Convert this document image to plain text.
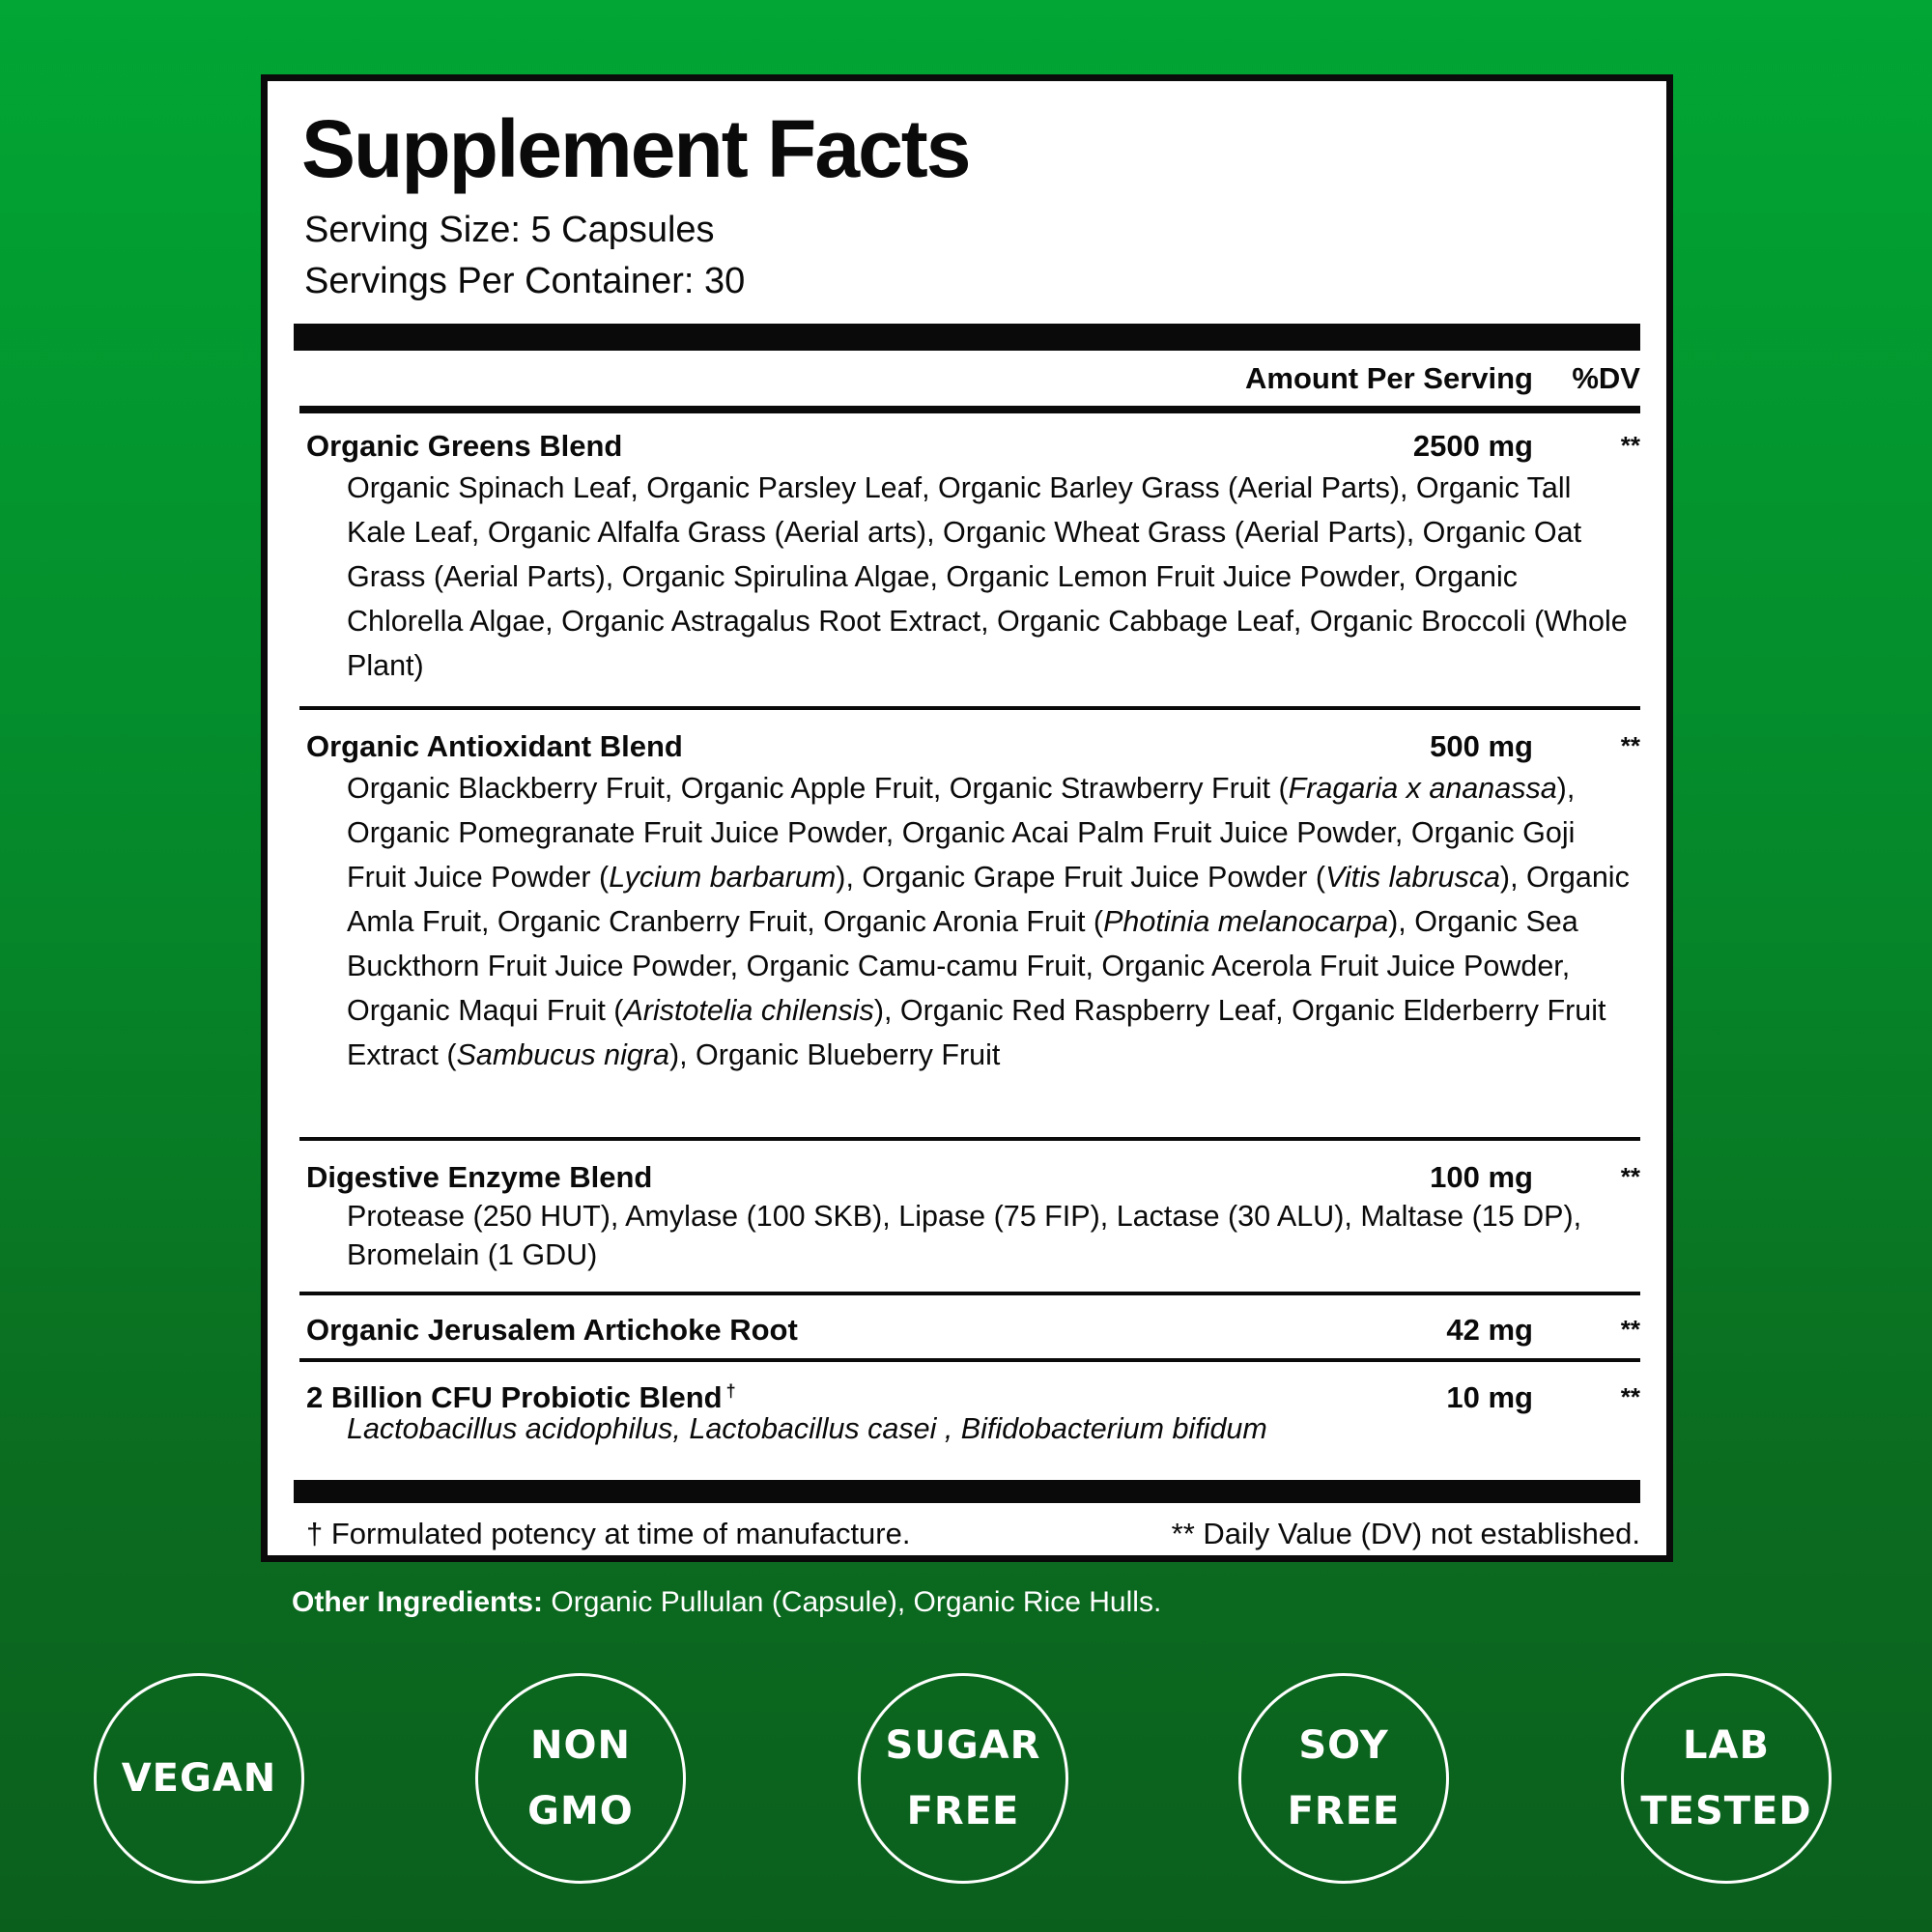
Supplement Facts
Serving Size: 5 Capsules
Servings Per Container: 30
Amount Per Serving %DV
Organic Greens Blend	2500 mg	**

Organic Spinach Leaf, Organic Parsley Leaf, Organic Barley Grass (Aerial Parts), Organic Tall Kale Leaf, Organic Alfalfa Grass (Aerial arts), Organic Wheat Grass (Aerial Parts), Organic Oat Grass (Aerial Parts), Organic Spirulina Algae, Organic Lemon Fruit Juice Powder, Organic Chlorella Algae, Organic Astragalus Root Extract, Organic Cabbage Leaf, Organic Broccoli (Whole Plant)

Organic Antioxidant Blend	500 mg	**

Organic Blackberry Fruit, Organic Apple Fruit, Organic Strawberry Fruit (Fragaria x ananassa), Organic Pomegranate Fruit Juice Powder, Organic Acai Palm Fruit Juice Powder, Organic Goji Fruit Juice Powder (Lycium barbarum), Organic Grape Fruit Juice Powder (Vitis labrusca), Organic Amla Fruit, Organic Cranberry Fruit, Organic Aronia Fruit (Photinia melanocarpa), Organic Sea Buckthorn Fruit Juice Powder, Organic Camu-camu Fruit, Organic Acerola Fruit Juice Powder, Organic Maqui Fruit (Aristotelia chilensis), Organic Red Raspberry Leaf, Organic Elderberry Fruit Extract (Sambucus nigra), Organic Blueberry Fruit

Digestive Enzyme Blend	100 mg	**

Protease (250 HUT), Amylase (100 SKB), Lipase (75 FIP), Lactase (30 ALU), Maltase (15 DP), Bromelain (1 GDU)

Organic Jerusalem Artichoke Root	42 mg	**
2 Billion CFU Probiotic Blend †	10 mg	**

Lactobacillus acidophilus, Lactobacillus casei , Bifidobacterium bifidum

† Formulated potency at time of manufacture.	** Daily Value (DV) not established.
Other Ingredients: Organic Pullulan (Capsule), Organic Rice Hulls.
VEGAN
NON
GMO
SUGAR
FREE
SOY
FREE
LAB
TESTED
